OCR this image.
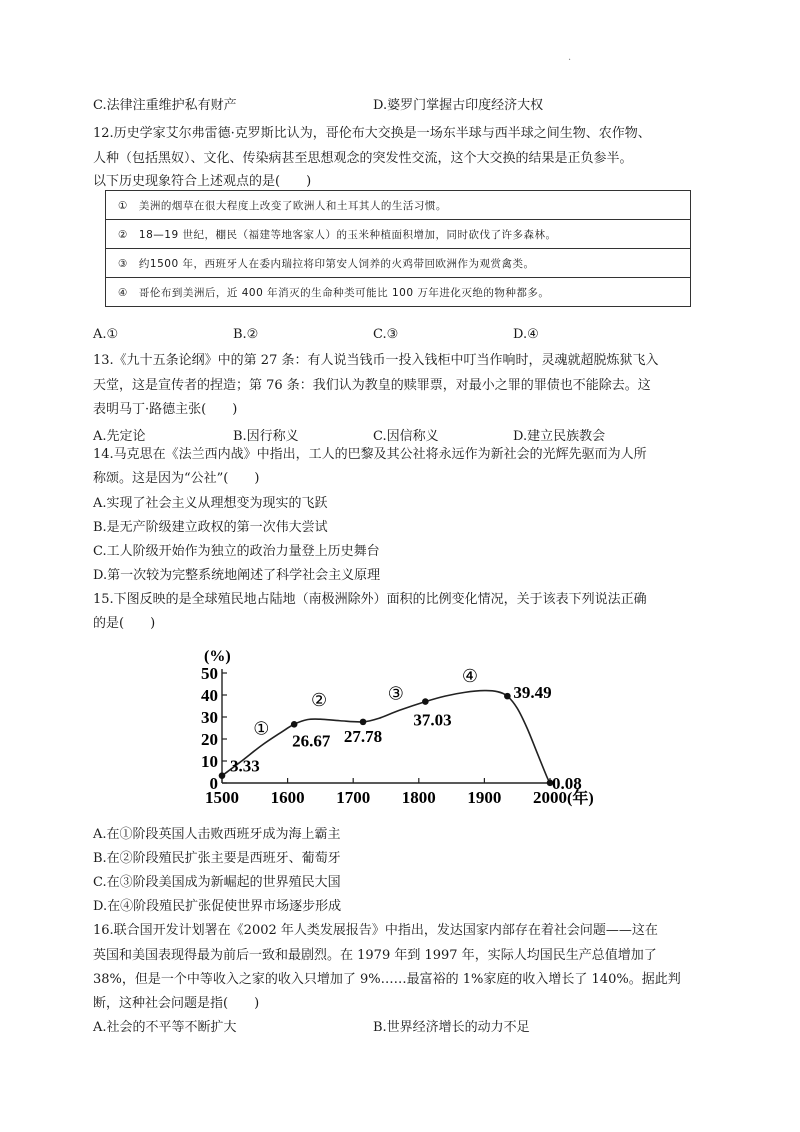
·
C.法律注重维护私有财产	D.婆罗门掌握古印度经济大权
12.历史学家艾尔弗雷德·克罗斯比认为，哥伦布大交换是一场东半球与西半球之间生物、农作物、
人种（包括黑奴）、文化、传染病甚至思想观念的突发性交流，这个大交换的结果是正负参半。
以下历史现象符合上述观点的是(　　)
①　美洲的烟草在很大程度上改变了欧洲人和土耳其人的生活习惯。
②　18—19 世纪，棚民（福建等地客家人）的玉米种植面积增加，同时砍伐了许多森林。
③　约1500 年，西班牙人在委内瑞拉将印第安人饲养的火鸡带回欧洲作为观赏禽类。
④　哥伦布到美洲后，近 400 年消灭的生命种类可能比 100 万年进化灭绝的物种都多。
A.①	B.②	C.③	D.④
13.《九十五条论纲》中的第 27 条：有人说当钱币一投入钱柜中叮当作响时，灵魂就超脱炼狱飞入
天堂，这是宣传者的捏造；第 76 条：我们认为教皇的赎罪票，对最小之罪的罪债也不能除去。这
表明马丁·路德主张(　　)
A.先定论	B.因行称义	C.因信称义	D.建立民族教会
14.马克思在《法兰西内战》中指出，工人的巴黎及其公社将永远作为新社会的光辉先驱而为人所
称颂。这是因为“公社”(　　)
A.实现了社会主义从理想变为现实的飞跃
B.是无产阶级建立政权的第一次伟大尝试
C.工人阶级开始作为独立的政治力量登上历史舞台
D.第一次较为完整系统地阐述了科学社会主义原理
15.下图反映的是全球殖民地占陆地（南极洲除外）面积的比例变化情况，关于该表下列说法正确
的是(　　)
0
10
20
30
40
50
1500 1600 1700 1800 1900 2000
(%)
(年)
3.33
26.67 27.78
37.03
39.49
0.08
①
②	③
④
A.在①阶段英国人击败西班牙成为海上霸主
B.在②阶段殖民扩张主要是西班牙、葡萄牙
C.在③阶段美国成为新崛起的世界殖民大国
D.在④阶段殖民扩张促使世界市场逐步形成
16.联合国开发计划署在《2002 年人类发展报告》中指出，发达国家内部存在着社会问题——这在
英国和美国表现得最为前后一致和最剧烈。在 1979 年到 1997 年，实际人均国民生产总值增加了
38%，但是一个中等收入之家的收入只增加了 9%……最富裕的 1%家庭的收入增长了 140%。据此判
断，这种社会问题是指(　　)
A.社会的不平等不断扩大	B.世界经济增长的动力不足
